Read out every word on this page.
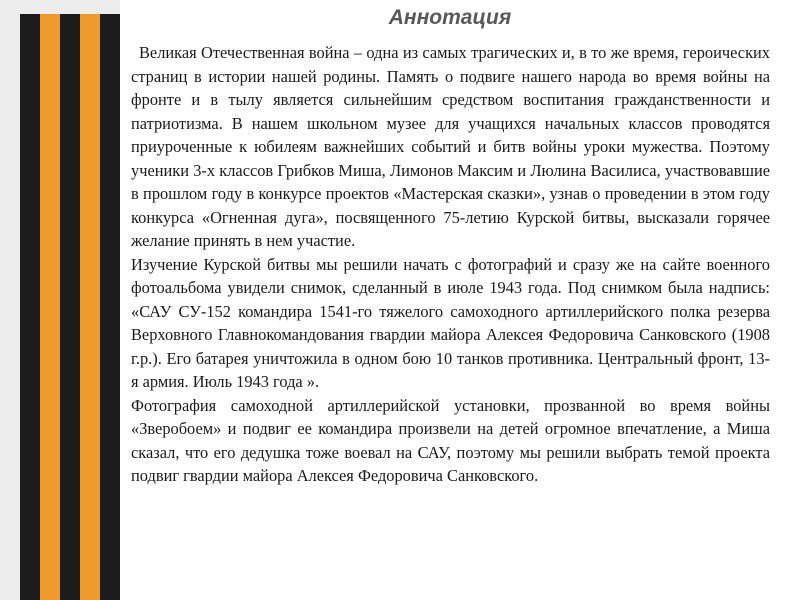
Аннотация

Великая Отечественная война – одна из самых трагических и, в то же время, героических страниц в истории нашей родины. Память о подвиге нашего народа во время войны на фронте и в тылу является сильнейшим средством воспитания гражданственности и патриотизма. В нашем школьном музее для учащихся начальных классов проводятся приуроченные к юбилеям важнейших событий и битв войны уроки мужества. Поэтому ученики 3-х классов Грибков Миша, Лимонов Максим и Люлина Василиса, участвовавшие в прошлом году в конкурсе проектов «Мастерская сказки», узнав о проведении в этом году конкурса «Огненная дуга», посвященного 75-летию Курской битвы, высказали горячее желание принять в нем участие.

Изучение Курской битвы мы решили начать с фотографий и сразу же на сайте военного фотоальбома увидели снимок, сделанный в июле 1943 года. Под снимком была надпись: «САУ СУ-152 командира 1541-го тяжелого самоходного артиллерийского полка резерва Верховного Главнокомандования гвардии майора Алексея Федоровича Санковского (1908 г.р.). Его батарея уничтожила в одном бою 10 танков противника. Центральный фронт, 13-я армия. Июль 1943 года ».

Фотография самоходной артиллерийской установки, прозванной во время войны «Зверобоем» и подвиг ее командира произвели на детей огромное впечатление, а Миша сказал, что его дедушка тоже воевал на САУ, поэтому мы решили выбрать темой проекта подвиг гвардии майора Алексея Федоровича Санковского.
